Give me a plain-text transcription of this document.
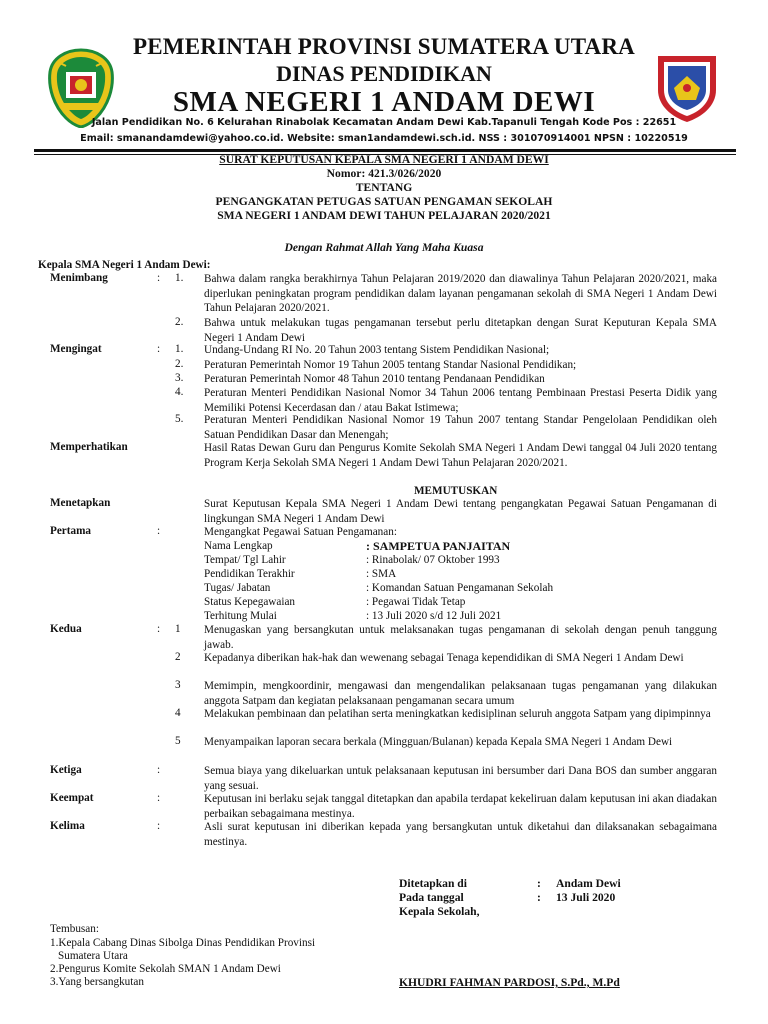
PEMERINTAH PROVINSI SUMATERA UTARA
DINAS PENDIDIKAN
SMA NEGERI 1 ANDAM DEWI
Jalan Pendidikan No. 6 Kelurahan Rinabolak Kecamatan Andam Dewi Kab.Tapanuli Tengah Kode Pos : 22651
Email: smanandamdewi@yahoo.co.id. Website: sman1andamdewi.sch.id. NSS : 301070914001 NPSN : 10220519
SURAT KEPUTUSAN KEPALA SMA NEGERI 1 ANDAM DEWI
Nomor: 421.3/026/2020
TENTANG
PENGANGKATAN PETUGAS SATUAN PENGAMAN SEKOLAH
SMA NEGERI 1 ANDAM DEWI TAHUN PELAJARAN 2020/2021
Dengan Rahmat Allah Yang Maha Kuasa
Kepala SMA Negeri 1 Andam Dewi:
Menimbang	: 1. Bahwa dalam rangka berakhirnya Tahun Pelajaran 2019/2020 dan diawalinya Tahun Pelajaran 2020/2021, maka diperlukan peningkatan program pendidikan dalam layanan pengamanan sekolah di SMA Negeri 1 Andam Dewi Tahun Pelajaran 2020/2021.
2. Bahwa untuk melakukan tugas pengamanan tersebut perlu ditetapkan dengan Surat Keputuran Kepala SMA Negeri 1 Andam Dewi
Mengingat	: 1. Undang-Undang RI No. 20 Tahun 2003 tentang Sistem Pendidikan Nasional;
2. Peraturan Pemerintah Nomor 19 Tahun 2005 tentang Standar Nasional Pendidikan;
3. Peraturan Pemerintah Nomor 48 Tahun 2010 tentang Pendanaan Pendidikan
4. Peraturan Menteri Pendidikan Nasional Nomor 34 Tahun 2006 tentang Pembinaan Prestasi Peserta Didik yang Memiliki Potensi Kecerdasan dan / atau Bakat Istimewa;
5. Peraturan Menteri Pendidikan Nasional Nomor 19 Tahun 2007 tentang Standar Pengelolaan Pendidikan oleh Satuan Pendidikan Dasar dan Menengah;
Memperhatikan	Hasil Ratas Dewan Guru dan Pengurus Komite Sekolah SMA Negeri 1 Andam Dewi tanggal 04 Juli 2020 tentang Program Kerja Sekolah SMA Negeri 1 Andam Dewi Tahun Pelajaran 2020/2021.
MEMUTUSKAN
Menetapkan	Surat Keputusan Kepala SMA Negeri 1 Andam Dewi tentang pengangkatan Pegawai Satuan Pengamanan di lingkungan SMA Negeri 1 Andam Dewi
Pertama	:	Mengangkat Pegawai Satuan Pengamanan:
Nama Lengkap	: SAMPETUA PANJAITAN
Tempat/ Tgl Lahir	: Rinabolak/ 07 Oktober 1993
Pendidikan Terakhir	: SMA
Tugas/ Jabatan	: Komandan Satuan Pengamanan Sekolah
Status Kepegawaian	: Pegawai Tidak Tetap
Terhitung Mulai	: 13 Juli 2020 s/d 12 Juli 2021
Kedua	: 1 Menugaskan yang bersangkutan untuk melaksanakan tugas pengamanan di sekolah dengan penuh tanggung jawab.
2 Kepadanya diberikan hak-hak dan wewenang sebagai Tenaga kependidikan di SMA Negeri 1 Andam Dewi
3 Memimpin, mengkoordinir, mengawasi dan mengendalikan pelaksanaan tugas pengamanan yang dilakukan anggota Satpam dan kegiatan pelaksanaan pengamanan secara umum
4 Melakukan pembinaan dan pelatihan serta meningkatkan kedisiplinan seluruh anggota Satpam yang dipimpinnya
5 Menyampaikan laporan secara berkala (Mingguan/Bulanan) kepada Kepala SMA Negeri 1 Andam Dewi
Ketiga	:	Semua biaya yang dikeluarkan untuk pelaksanaan keputusan ini bersumber dari Dana BOS dan sumber anggaran yang sesuai.
Keempat	:	Keputusan ini berlaku sejak tanggal ditetapkan dan apabila terdapat kekeliruan dalam keputusan ini akan diadakan perbaikan sebagaimana mestinya.
Kelima	:	Asli surat keputusan ini diberikan kepada yang bersangkutan untuk diketahui dan dilaksanakan sebagaimana mestinya.
Ditetapkan di	: Andam Dewi
Pada tanggal	: 13 Juli 2020
Kepala Sekolah,
KHUDRI FAHMAN PARDOSI, S.Pd., M.Pd
Tembusan:
1.Kepala Cabang Dinas Sibolga Dinas Pendidikan Provinsi
Sumatera Utara
2.Pengurus Komite Sekolah SMAN 1 Andam Dewi
3.Yang bersangkutan
